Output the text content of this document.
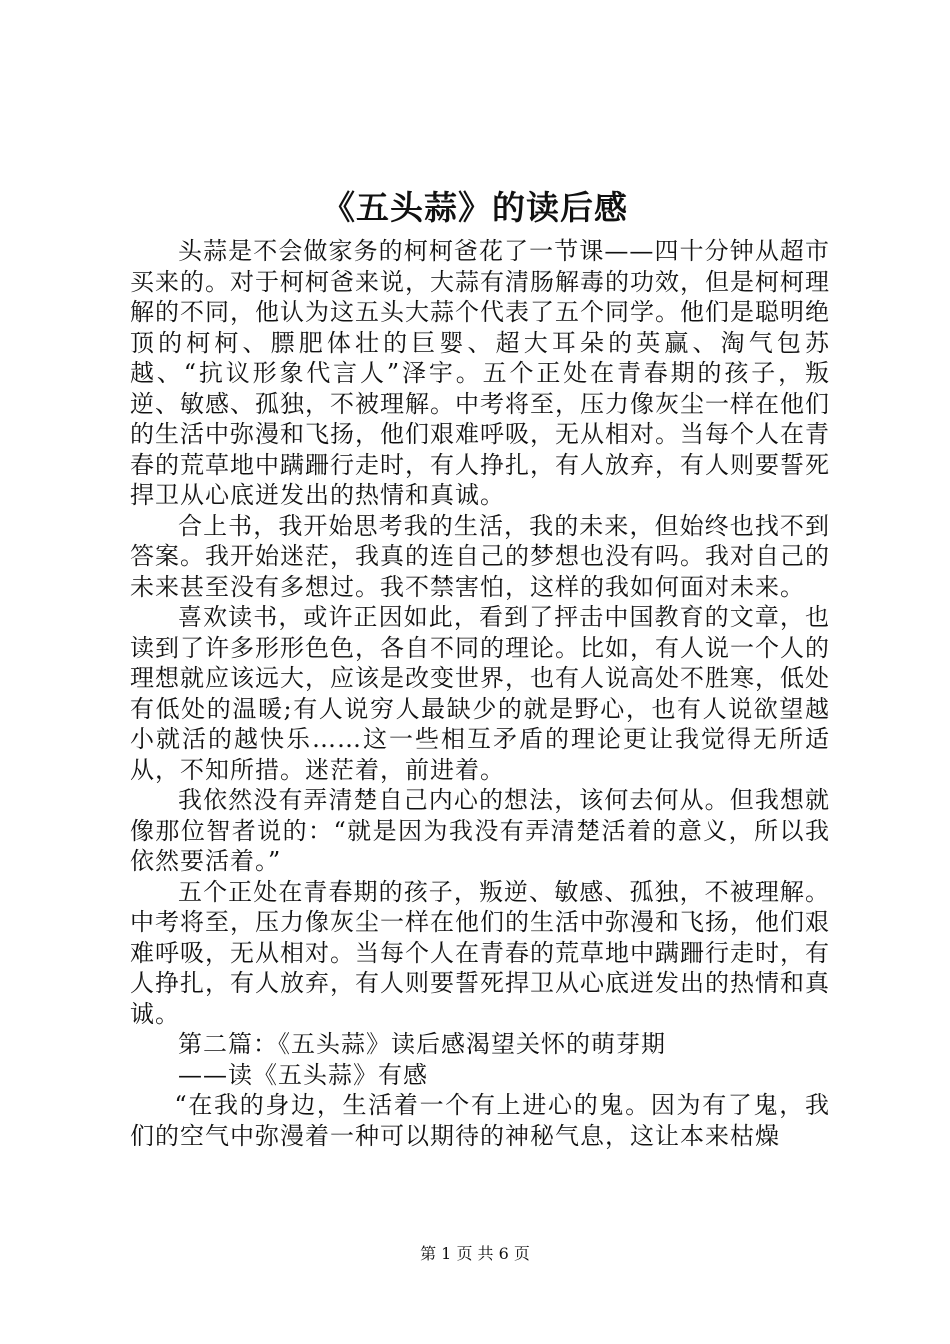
《五头蒜》的读后感

头蒜是不会做家务的柯柯爸花了一节课——四十分钟从超市买来的。对于柯柯爸来说，大蒜有清肠解毒的功效，但是柯柯理解的不同，他认为这五头大蒜个代表了五个同学。他们是聪明绝顶的柯柯、膘肥体壮的巨婴、超大耳朵的英赢、淘气包苏越、“抗议形象代言人”泽宇。五个正处在青春期的孩子，叛逆、敏感、孤独，不被理解。中考将至，压力像灰尘一样在他们的生活中弥漫和飞扬，他们艰难呼吸，无从相对。当每个人在青春的荒草地中蹒跚行走时，有人挣扎，有人放弃，有人则要誓死捍卫从心底迸发出的热情和真诚。

合上书，我开始思考我的生活，我的未来，但始终也找不到答案。我开始迷茫，我真的连自己的梦想也没有吗。我对自己的未来甚至没有多想过。我不禁害怕，这样的我如何面对未来。

喜欢读书，或许正因如此，看到了抨击中国教育的文章，也读到了许多形形色色，各自不同的理论。比如，有人说一个人的理想就应该远大，应该是改变世界，也有人说高处不胜寒，低处有低处的温暖;有人说穷人最缺少的就是野心，也有人说欲望越小就活的越快乐……这一些相互矛盾的理论更让我觉得无所适从，不知所措。迷茫着，前进着。

我依然没有弄清楚自己内心的想法，该何去何从。但我想就像那位智者说的：“就是因为我没有弄清楚活着的意义，所以我依然要活着。”

五个正处在青春期的孩子，叛逆、敏感、孤独，不被理解。中考将至，压力像灰尘一样在他们的生活中弥漫和飞扬，他们艰难呼吸，无从相对。当每个人在青春的荒草地中蹒跚行走时，有人挣扎，有人放弃，有人则要誓死捍卫从心底迸发出的热情和真诚。

第二篇：《五头蒜》读后感渴望关怀的萌芽期

——读《五头蒜》有感

“在我的身边，生活着一个有上进心的鬼。因为有了鬼，我们的空气中弥漫着一种可以期待的神秘气息，这让本来枯燥

第 1 页 共 6 页
